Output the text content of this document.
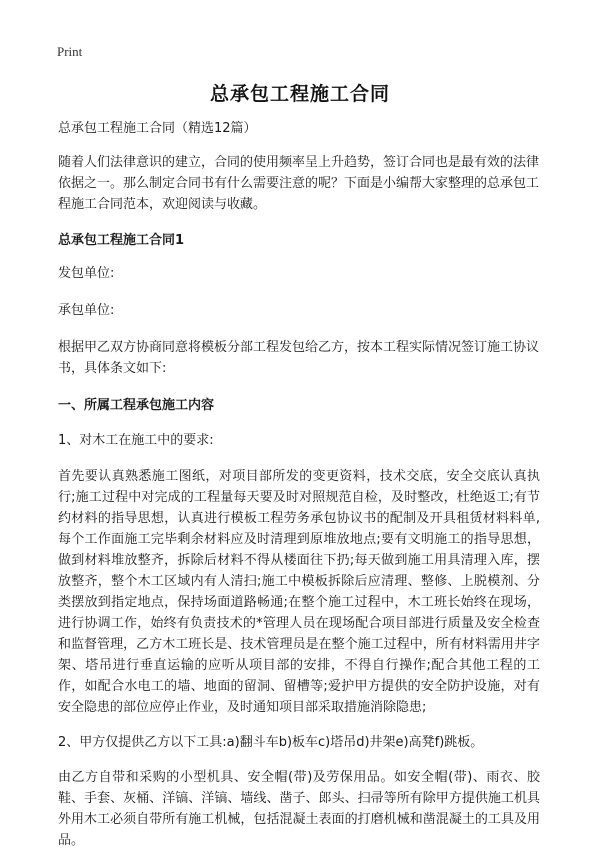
Print
总承包工程施工合同

总承包工程施工合同（精选12篇）

随着人们法律意识的建立，合同的使用频率呈上升趋势，签订合同也是最有效的法律依据之一。那么制定合同书有什么需要注意的呢？下面是小编帮大家整理的总承包工程施工合同范本，欢迎阅读与收藏。

总承包工程施工合同1

发包单位:

承包单位:

根据甲乙双方协商同意将模板分部工程发包给乙方，按本工程实际情况签订施工协议书，具体条文如下:

一、所属工程承包施工内容

1、对木工在施工中的要求:

首先要认真熟悉施工图纸，对项目部所发的变更资料，技术交底，安全交底认真执行;施工过程中对完成的工程量每天要及时对照规范自检，及时整改，杜绝返工;有节约材料的指导思想，认真进行模板工程劳务承包协议书的配制及开具租赁材料料单,每个工作面施工完毕剩余材料应及时清理到原堆放地点;要有文明施工的指导思想，做到材料堆放整齐，拆除后材料不得从楼面往下扔;每天做到施工用具清理入库，摆放整齐，整个木工区域内有人清扫;施工中模板拆除后应清理、整修、上脱模剂、分类摆放到指定地点，保持场面道路畅通;在整个施工过程中，木工班长始终在现场，进行协调工作，始终有负责技术的*管理人员在现场配合项目部进行质量及安全检查和监督管理，乙方木工班长是、技术管理员是在整个施工过程中，所有材料需用井字架、塔吊进行垂直运输的应听从项目部的安排，不得自行操作;配合其他工程的工作，如配合水电工的墙、地面的留洞、留槽等;爱护甲方提供的安全防护设施，对有安全隐患的部位应停止作业，及时通知项目部采取措施消除隐患;

2、甲方仅提供乙方以下工具:a)翻斗车b)板车c)塔吊d)井架e)高凳f)跳板。

由乙方自带和采购的小型机具、安全帽(带)及劳保用品。如安全帽(带)、雨衣、胶鞋、手套、灰桶、洋镐、洋镐、墙线、凿子、郎头、扫帚等所有除甲方提供施工机具外用木工必须自带所有施工机械，包括混凝土表面的打磨机械和凿混凝土的工具及用品。
